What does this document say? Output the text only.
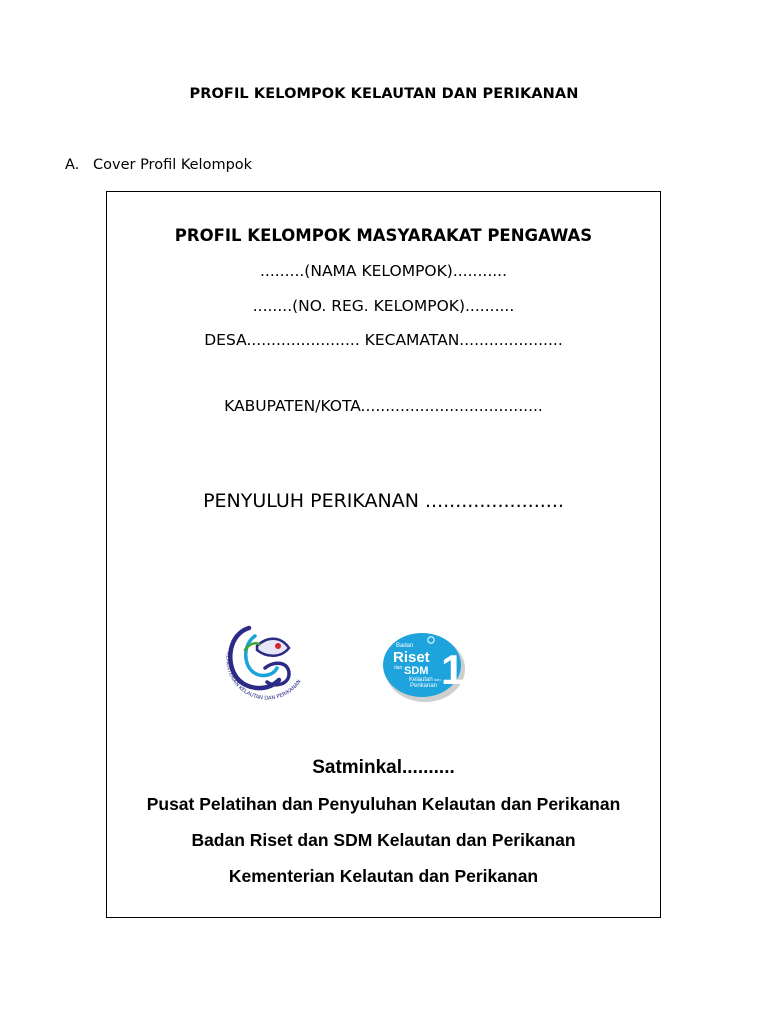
PROFIL KELOMPOK KELAUTAN DAN PERIKANAN
A. Cover Profil Kelompok
PROFIL KELOMPOK MASYARAKAT PENGAWAS
.........(NAMA KELOMPOK)...........
........(NO. REG. KELOMPOK)..........
DESA....................... KECAMATAN.....................
KABUPATEN/KOTA.....................................
PENYULUH PERIKANAN .......................
KEMENTERIAN KELAUTAN DAN PERIKANAN
Badan
Riset
dan SDM
Kelautan dan
Perikanan 1
Satminkal..........
Pusat Pelatihan dan Penyuluhan Kelautan dan Perikanan
Badan Riset dan SDM Kelautan dan Perikanan
Kementerian Kelautan dan Perikanan
